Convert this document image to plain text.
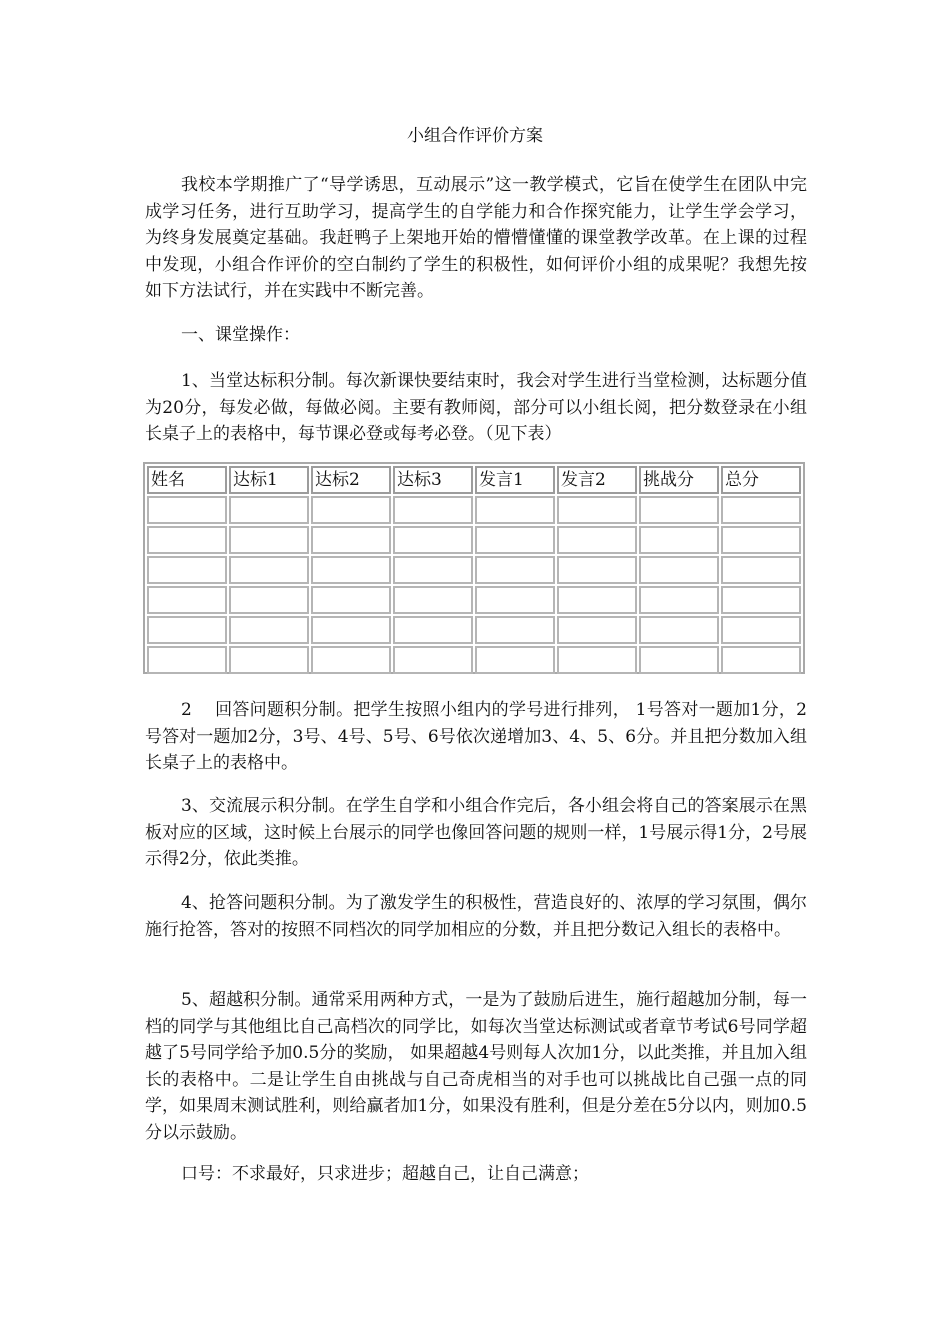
小组合作评价方案

我校本学期推广了“导学诱思，互动展示”这一教学模式，它旨在使学生在团队中完成学习任务，进行互助学习，提高学生的自学能力和合作探究能力，让学生学会学习，为终身发展奠定基础。我赶鸭子上架地开始的懵懵懂懂的课堂教学改革。在上课的过程中发现，小组合作评价的空白制约了学生的积极性，如何评价小组的成果呢？我想先按如下方法试行，并在实践中不断完善。

一、课堂操作：

1、当堂达标积分制。每次新课快要结束时，我会对学生进行当堂检测，达标题分值为20分，每发必做，每做必阅。主要有教师阅，部分可以小组长阅，把分数登录在小组长桌子上的表格中，每节课必登或每考必登。（见下表）

姓名	达标1	达标2	达标3	发言1	发言2	挑战分	总分

2　 回答问题积分制。把学生按照小组内的学号进行排列， 1号答对一题加1分，2号答对一题加2分，3号、4号、5号、6号依次递增加3、4、5、6分。并且把分数加入组长桌子上的表格中。

3、交流展示积分制。在学生自学和小组合作完后，各小组会将自己的答案展示在黑板对应的区域，这时候上台展示的同学也像回答问题的规则一样，1号展示得1分，2号展示得2分，依此类推。

4、抢答问题积分制。为了激发学生的积极性，营造良好的、浓厚的学习氛围，偶尔施行抢答，答对的按照不同档次的同学加相应的分数，并且把分数记入组长的表格中。

5、超越积分制。通常采用两种方式，一是为了鼓励后进生，施行超越加分制，每一档的同学与其他组比自己高档次的同学比，如每次当堂达标测试或者章节考试6号同学超越了5号同学给予加0.5分的奖励， 如果超越4号则每人次加1分，以此类推，并且加入组长的表格中。二是让学生自由挑战与自己奇虎相当的对手也可以挑战比自己强一点的同学，如果周末测试胜利，则给赢者加1分，如果没有胜利，但是分差在5分以内，则加0.5分以示鼓励。

口号：不求最好，只求进步；超越自己，让自己满意；
